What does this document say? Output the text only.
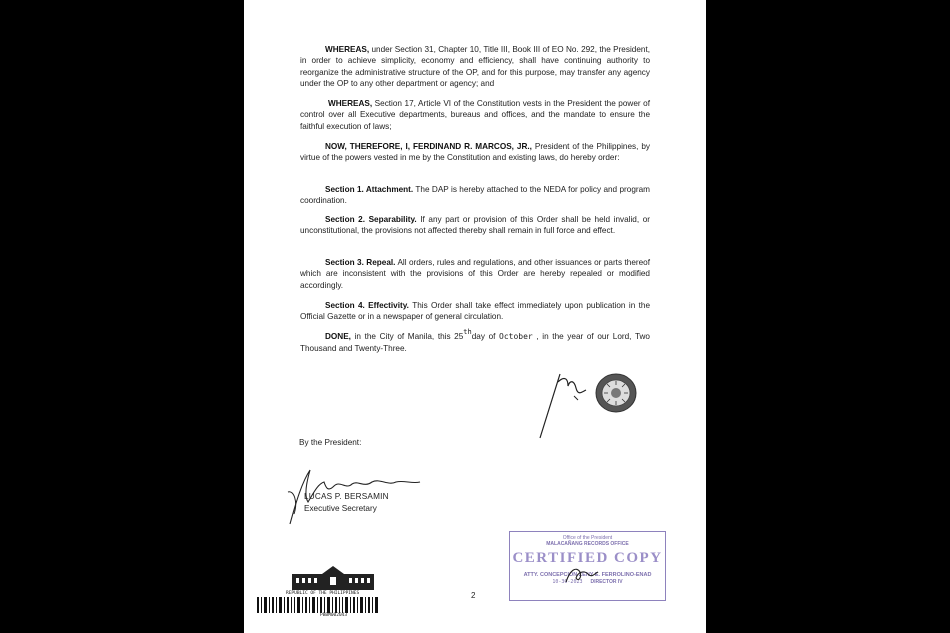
WHEREAS, under Section 31, Chapter 10, Title III, Book III of EO No. 292, the President, in order to achieve simplicity, economy and efficiency, shall have continuing authority to reorganize the administrative structure of the OP, and for this purpose, may transfer any agency under the OP to any other department or agency; and

WHEREAS, Section 17, Article VI of the Constitution vests in the President the power of control over all Executive departments, bureaus and offices, and the mandate to ensure the faithful execution of laws;

NOW, THEREFORE, I, FERDINAND R. MARCOS, JR., President of the Philippines, by virtue of the powers vested in me by the Constitution and existing laws, do hereby order:

Section 1. Attachment. The DAP is hereby attached to the NEDA for policy and program coordination.

Section 2. Separability. If any part or provision of this Order shall be held invalid, or unconstitutional, the provisions not affected thereby shall remain in full force and effect.

Section 3. Repeal. All orders, rules and regulations, and other issuances or parts thereof which are inconsistent with the provisions of this Order are hereby repealed or modified accordingly.

Section 4. Effectivity. This Order shall take effect immediately upon publication in the Official Gazette or in a newspaper of general circulation.

DONE, in the City of Manila, this 25thday of October , in the year of our Lord, Two Thousand and Twenty-Three.

By the President:
LUCAS P. BERSAMIN
Executive Secretary
REPUBLIC OF THE PHILIPPINES
PBBM002043
2
Office of the President
MALACAÑANG RECORDS OFFICE
CERTIFIED COPY
ATTY. CONCEPCION ZENY E. FERROLINO-ENAD
10-30-2023 DIRECTOR IV
